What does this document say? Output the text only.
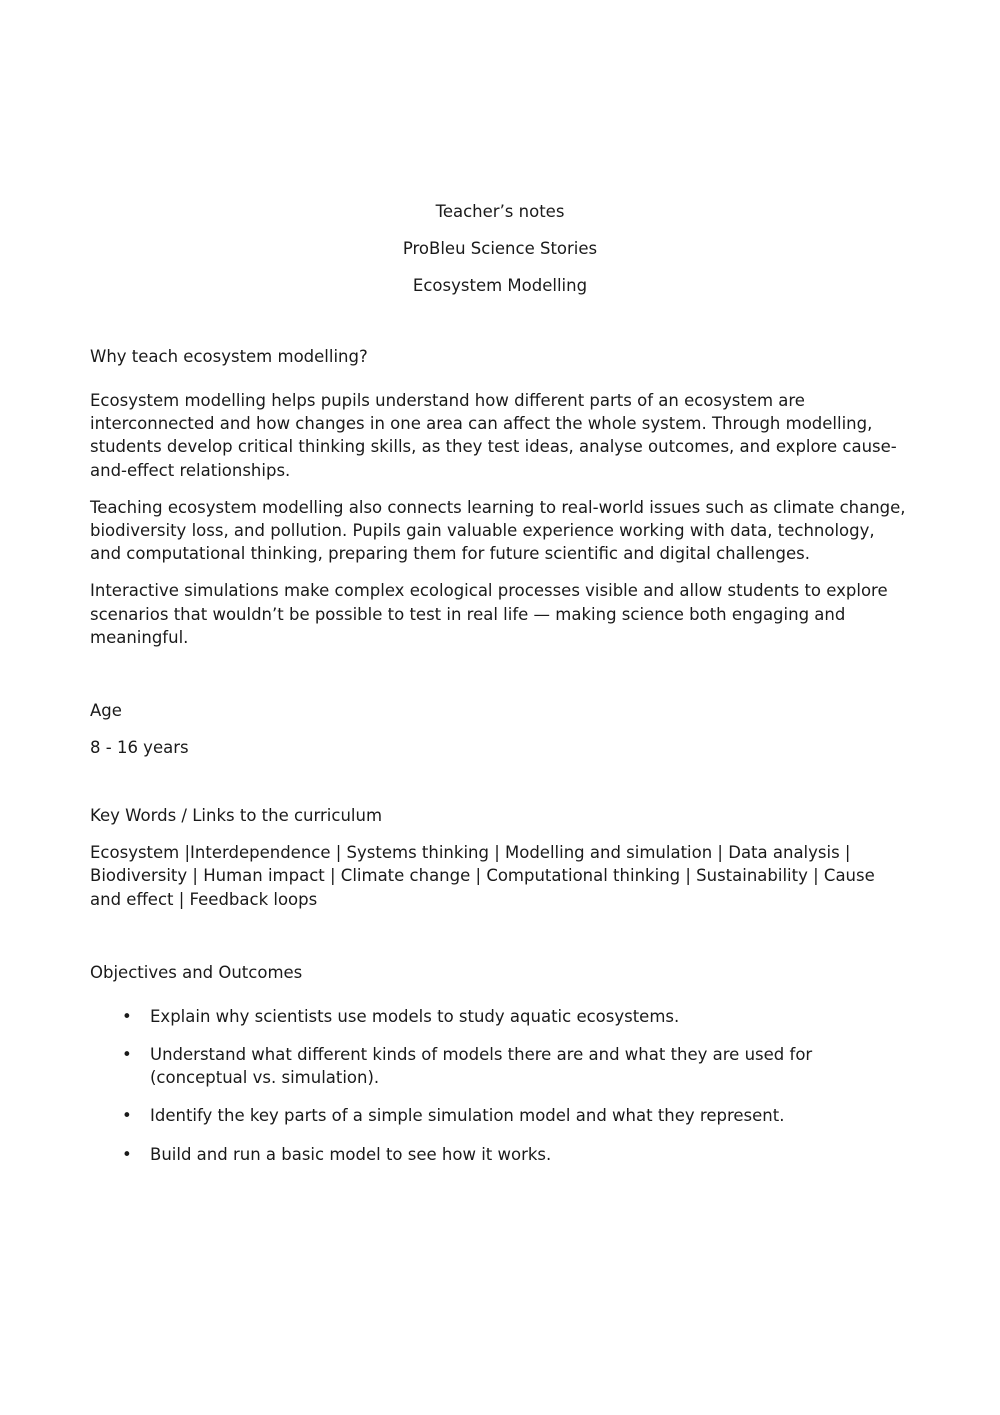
Teacher’s notes
ProBleu Science Stories
Ecosystem Modelling
Why teach ecosystem modelling?
Ecosystem modelling helps pupils understand how different parts of an ecosystem are interconnected and how changes in one area can affect the whole system. Through modelling, students develop critical thinking skills, as they test ideas, analyse outcomes, and explore cause-and-effect relationships.
Teaching ecosystem modelling also connects learning to real-world issues such as climate change, biodiversity loss, and pollution. Pupils gain valuable experience working with data, technology, and computational thinking, preparing them for future scientific and digital challenges.
Interactive simulations make complex ecological processes visible and allow students to explore scenarios that wouldn’t be possible to test in real life — making science both engaging and meaningful.
Age
8 - 16 years
Key Words / Links to the curriculum
Ecosystem |Interdependence | Systems thinking | Modelling and simulation | Data analysis | Biodiversity | Human impact | Climate change | Computational thinking | Sustainability | Cause and effect | Feedback loops
Objectives and Outcomes
• Explain why scientists use models to study aquatic ecosystems.
• Understand what different kinds of models there are and what they are used for (conceptual vs. simulation).
• Identify the key parts of a simple simulation model and what they represent.
• Build and run a basic model to see how it works.
